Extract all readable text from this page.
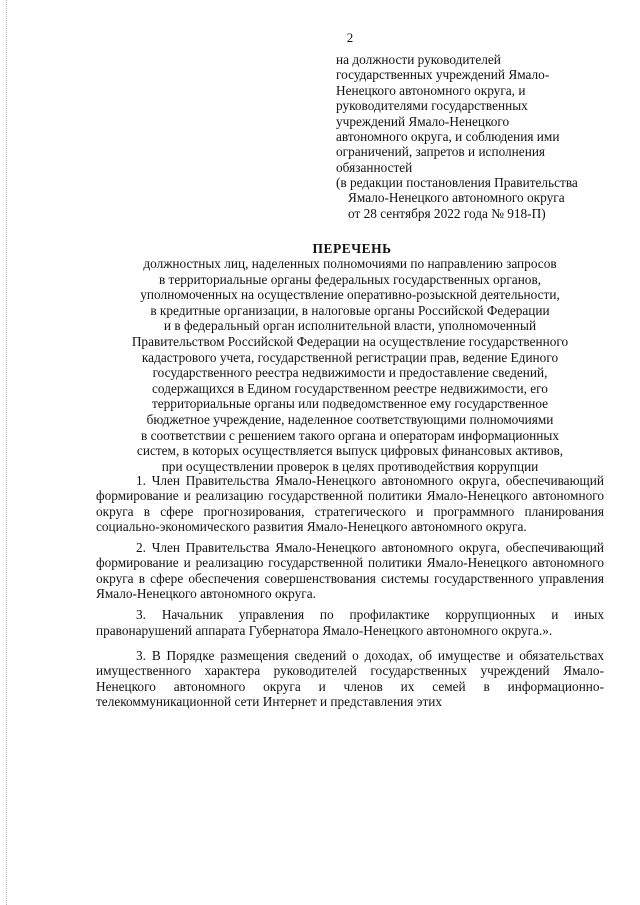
2
на должности руководителей
государственных учреждений Ямало-
Ненецкого автономного округа, и
руководителями государственных
учреждений Ямало-Ненецкого
автономного округа, и соблюдения ими
ограничений, запретов и исполнения
обязанностей
(в редакции постановления Правительства
Ямало-Ненецкого автономного округа
от 28 сентября 2022 года № 918-П)
ПЕРЕЧЕНЬ
должностных лиц, наделенных полномочиями по направлению запросов
в территориальные органы федеральных государственных органов,
уполномоченных на осуществление оперативно-розыскной деятельности,
в кредитные организации, в налоговые органы Российской Федерации
и в федеральный орган исполнительной власти, уполномоченный
Правительством Российской Федерации на осуществление государственного
кадастрового учета, государственной регистрации прав, ведение Единого
государственного реестра недвижимости и предоставление сведений,
содержащихся в Едином государственном реестре недвижимости, его
территориальные органы или подведомственное ему государственное
бюджетное учреждение, наделенное соответствующими полномочиями
в соответствии с решением такого органа и операторам информационных
систем, в которых осуществляется выпуск цифровых финансовых активов,
при осуществлении проверок в целях противодействия коррупции

1. Член Правительства Ямало-Ненецкого автономного округа, обеспечивающий формирование и реализацию государственной политики Ямало-Ненецкого автономного округа в сфере прогнозирования, стратегического и программного планирования социально-экономического развития Ямало-Ненецкого автономного округа.

2. Член Правительства Ямало-Ненецкого автономного округа, обеспечивающий формирование и реализацию государственной политики Ямало-Ненецкого автономного округа в сфере обеспечения совершенствования системы государственного управления Ямало-Ненецкого автономного округа.

3. Начальник управления по профилактике коррупционных и иных правонарушений аппарата Губернатора Ямало-Ненецкого автономного округа.».

3. В Порядке размещения сведений о доходах, об имуществе и обязательствах имущественного характера руководителей государственных учреждений Ямало-Ненецкого автономного округа и членов их семей в информационно-телекоммуникационной сети Интернет и представления этих
